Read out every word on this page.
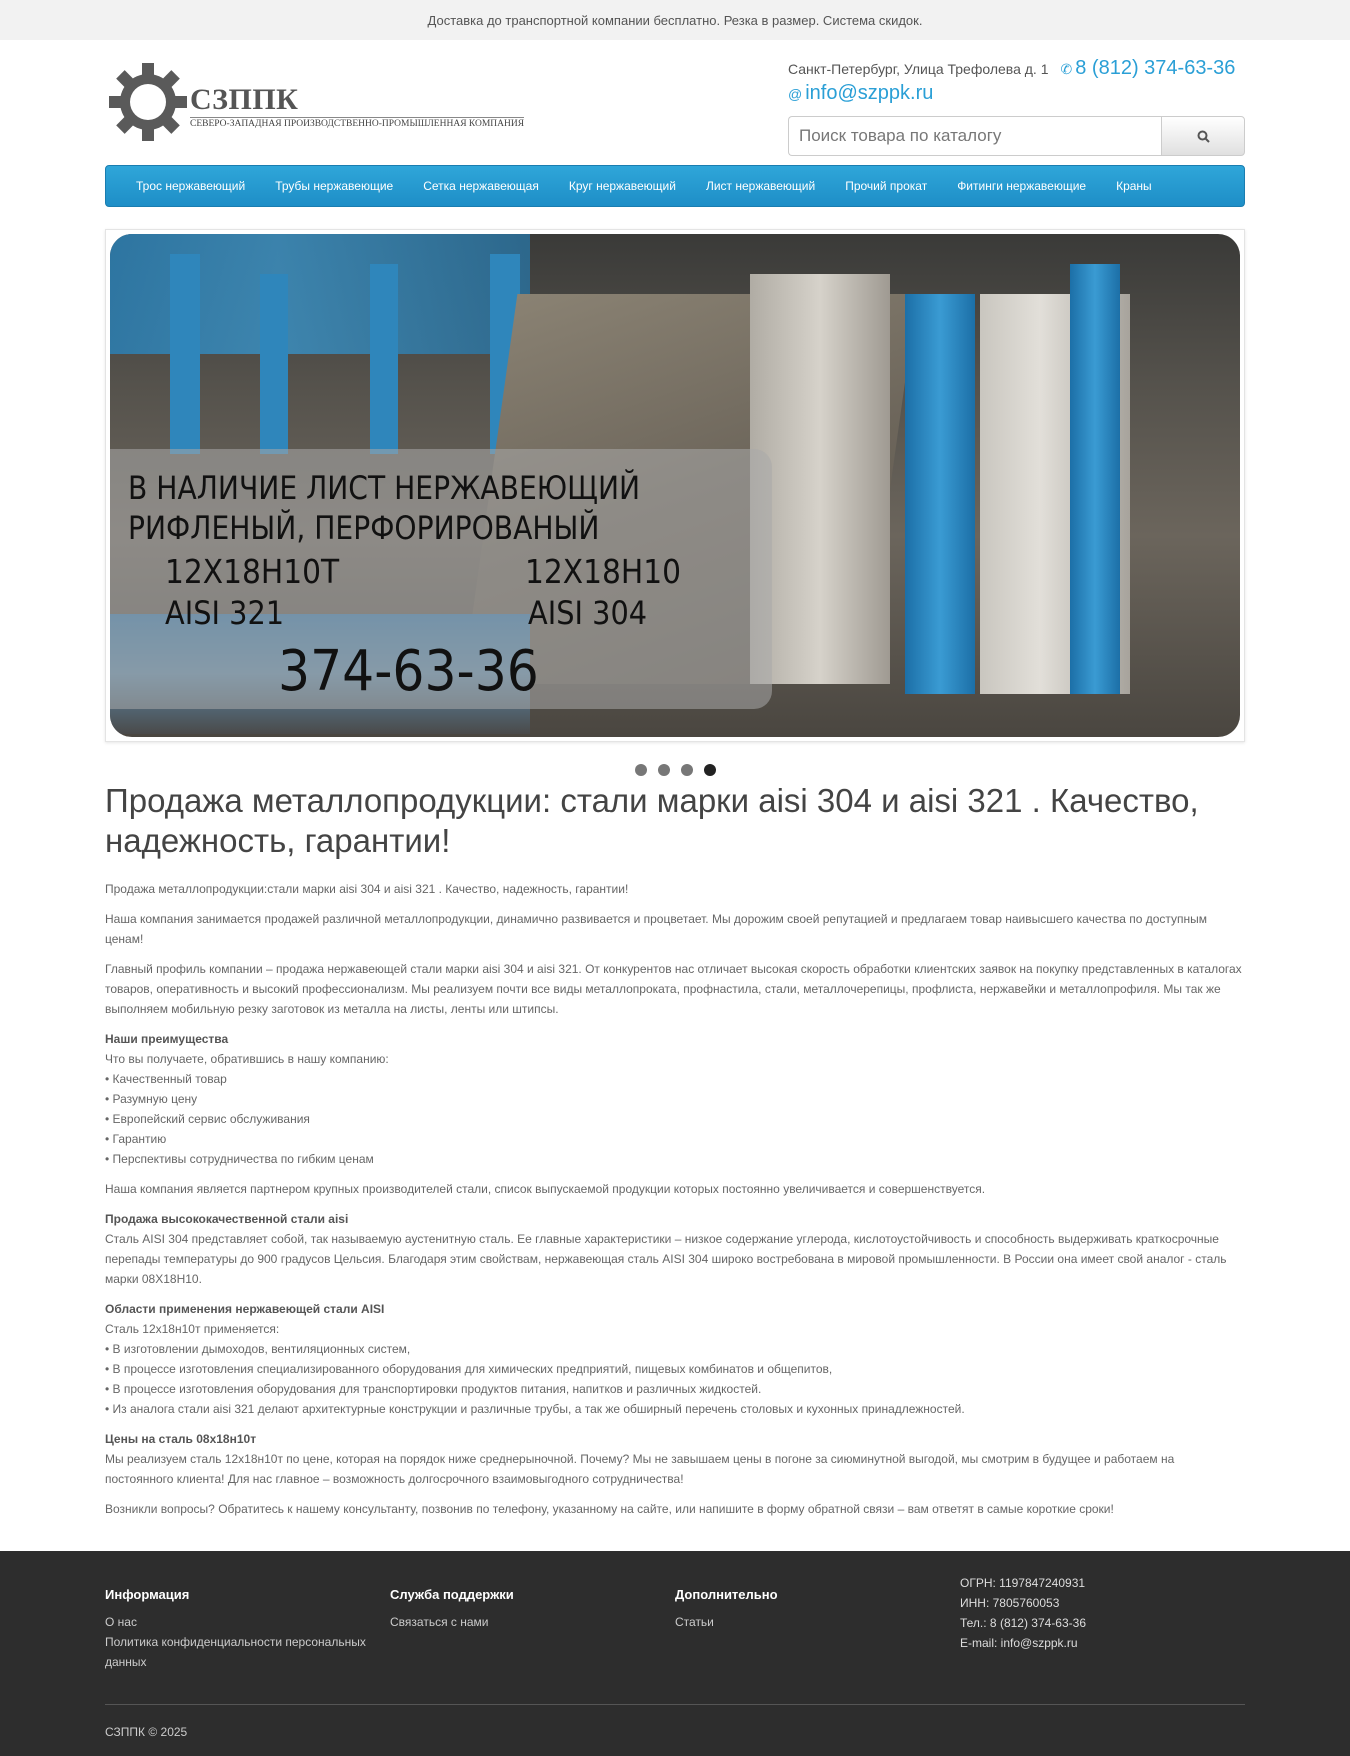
Доставка до транспортной компании бесплатно. Резка в размер. Система скидок.
СЗППК
СЕВЕРО-ЗАПАДНАЯ ПРОИЗВОДСТВЕННО-ПРОМЫШЛЕННАЯ КОМПАНИЯ
Санкт-Петербург, Улица Трефолева д. 1 ✆ 8 (812) 374-63-36
@ info@szppk.ru
Поиск товара по каталогу
Трос нержавеющий	Трубы нержавеющие	Сетка нержавеющая	Круг нержавеющий	Лист нержавеющий	Прочий прокат	Фитинги нержавеющие	Краны
В НАЛИЧИЕ ЛИСТ НЕРЖАВЕЮЩИЙ
РИФЛЕНЫЙ, ПЕРФОРИРОВАНЫЙ
12Х18Н10Т	12Х18Н10
AISI 321	AISI 304
374-63-36
Продажа металлопродукции: стали марки aisi 304 и aisi 321 . Качество, надежность, гарантии!

Продажа металлопродукции:стали марки aisi 304 и aisi 321 . Качество, надежность, гарантии!

Наша компания занимается продажей различной металлопродукции, динамично развивается и процветает. Мы дорожим своей репутацией и предлагаем товар наивысшего качества по доступным ценам!

Главный профиль компании – продажа нержавеющей стали марки aisi 304 и aisi 321. От конкурентов нас отличает высокая скорость обработки клиентских заявок на покупку представленных в каталогах товаров, оперативность и высокий профессионализм. Мы реализуем почти все виды металлопроката, профнастила, стали, металлочерепицы, профлиста, нержавейки и металлопрофиля. Мы так же выполняем мобильную резку заготовок из металла на листы, ленты или штипсы.

Наши преимущества
Что вы получаете, обратившись в нашу компанию:
• Качественный товар
• Разумную цену
• Европейский сервис обслуживания
• Гарантию
• Перспективы сотрудничества по гибким ценам

Наша компания является партнером крупных производителей стали, список выпускаемой продукции которых постоянно увеличивается и совершенствуется.

Продажа высококачественной стали aisi
Сталь AISI 304 представляет собой, так называемую аустенитную сталь. Ее главные характеристики – низкое содержание углерода, кислотоустойчивость и способность выдерживать краткосрочные перепады температуры до 900 градусов Цельсия. Благодаря этим свойствам, нержавеющая сталь AISI 304 широко востребована в мировой промышленности. В России она имеет свой аналог - сталь марки 08Х18Н10.

Области применения нержавеющей стали AISI
Сталь 12х18н10т применяется:
• В изготовлении дымоходов, вентиляционных систем,
• В процессе изготовления специализированного оборудования для химических предприятий, пищевых комбинатов и общепитов,
• В процессе изготовления оборудования для транспортировки продуктов питания, напитков и различных жидкостей.
• Из аналога стали aisi 321 делают архитектурные конструкции и различные трубы, а так же обширный перечень столовых и кухонных принадлежностей.

Цены на сталь 08х18н10т
Мы реализуем сталь 12х18н10т по цене, которая на порядок ниже среднерыночной. Почему? Мы не завышаем цены в погоне за сиюминутной выгодой, мы смотрим в будущее и работаем на постоянного клиента! Для нас главное – возможность долгосрочного взаимовыгодного сотрудничества!

Возникли вопросы? Обратитесь к нашему консультанту, позвонив по телефону, указанному на сайте, или напишите в форму обратной связи – вам ответят в самые короткие сроки!

Информация
О нас
Политика конфиденциальности персональных данных
Служба поддержки
Связаться с нами
Дополнительно
Статьи
ОГРН: 1197847240931
ИНН: 7805760053
Тел.: 8 (812) 374-63-36
E-mail: info@szppk.ru
СЗППК © 2025
